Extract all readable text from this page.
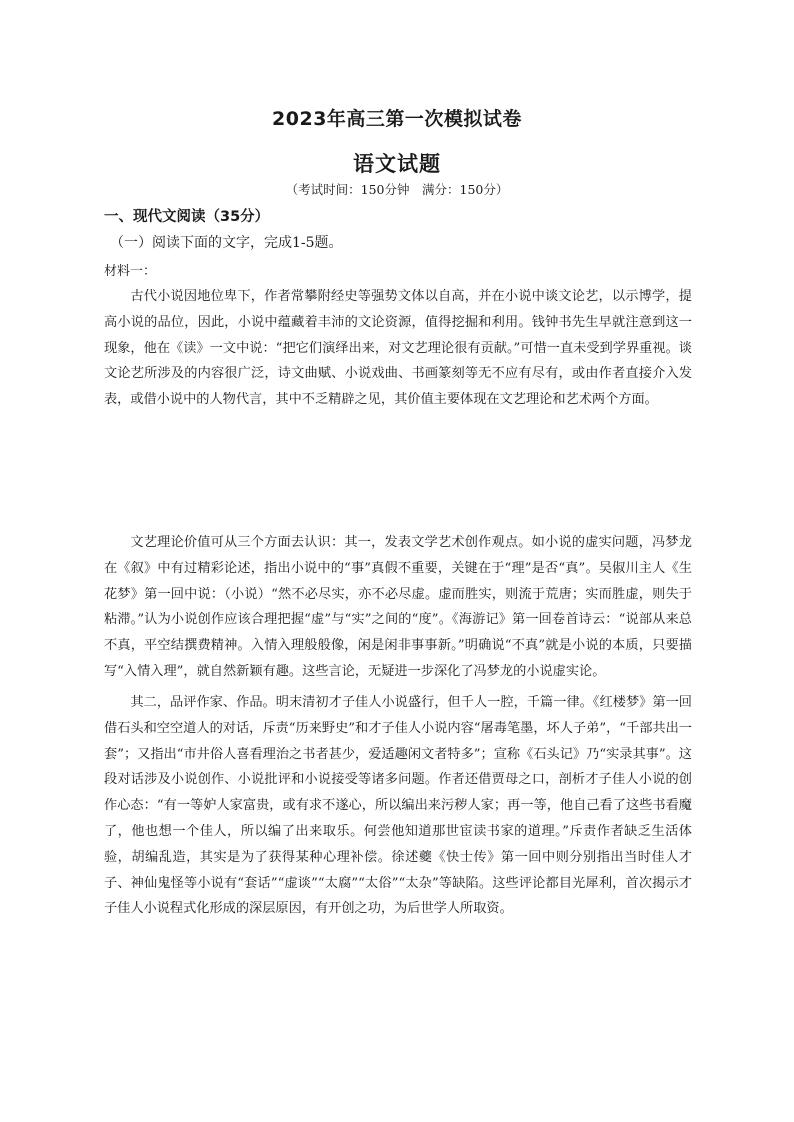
2023年高三第一次模拟试卷
语文试题
（考试时间：150分钟　满分：150分）
一、现代文阅读（35分）
（一）阅读下面的文字，完成1-5题。
材料一：

古代小说因地位卑下，作者常攀附经史等强势文体以自高，并在小说中谈文论艺，以示博学，提高小说的品位，因此，小说中蕴藏着丰沛的文论资源，值得挖掘和利用。钱钟书先生早就注意到这一现象，他在《读》一文中说：“把它们演绎出来，对文艺理论很有贡献。”可惜一直未受到学界重视。谈文论艺所涉及的内容很广泛，诗文曲赋、小说戏曲、书画篆刻等无不应有尽有，或由作者直接介入发表，或借小说中的人物代言，其中不乏精辟之见，其价值主要体现在文艺理论和艺术两个方面。

文艺理论价值可从三个方面去认识：其一，发表文学艺术创作观点。如小说的虚实问题，冯梦龙在《叙》中有过精彩论述，指出小说中的“事”真假不重要，关键在于“理”是否“真”。吴俶川主人《生花梦》第一回中说：（小说）“然不必尽实，亦不必尽虚。虚而胜实，则流于荒唐；实而胜虚，则失于粘滞。”认为小说创作应该合理把握“虚”与“实”之间的“度”。《海游记》第一回卷首诗云：“说部从来总不真，平空结撰费精神。入情入理般般像，闲是闲非事事新。”明确说“不真”就是小说的本质，只要描写“入情入理”，就自然新颖有趣。这些言论，无疑进一步深化了冯梦龙的小说虚实论。

其二，品评作家、作品。明末清初才子佳人小说盛行，但千人一腔，千篇一律。《红楼梦》第一回借石头和空空道人的对话，斥责“历来野史”和才子佳人小说内容“屠毒笔墨，坏人子弟”，“千部共出一套”；又指出“市井俗人喜看理治之书者甚少，爱适趣闲文者特多”；宣称《石头记》乃“实录其事”。这段对话涉及小说创作、小说批评和小说接受等诸多问题。作者还借贾母之口，剖析才子佳人小说的创作心态：“有一等妒人家富贵，或有求不遂心，所以编出来污秽人家；再一等，他自己看了这些书看魔了，他也想一个佳人，所以编了出来取乐。何尝他知道那世宦读书家的道理。”斥责作者缺乏生活体验，胡编乱造，其实是为了获得某种心理补偿。徐述夔《快士传》第一回中则分别指出当时佳人才子、神仙鬼怪等小说有“套话”“虚谈”“太腐”“太俗”“太杂”等缺陷。这些评论都目光犀利，首次揭示才子佳人小说程式化形成的深层原因，有开创之功，为后世学人所取资。
